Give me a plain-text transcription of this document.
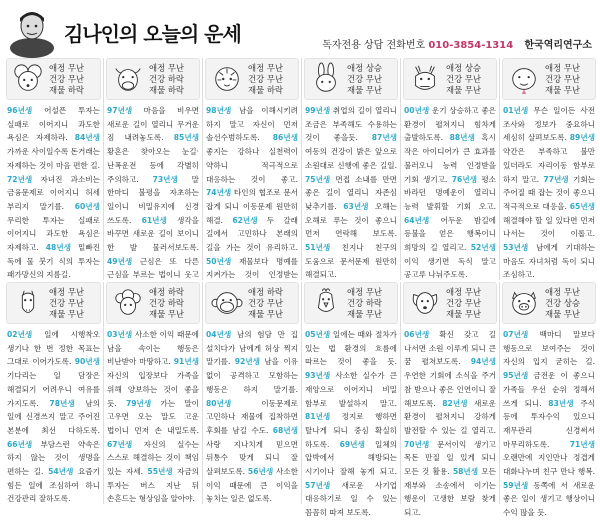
김나인의 오늘의 운세	독자전용 상담 전화번호 010-3854-1314 한국역리연구소
애정 무난
건강 무난
재물 하락
96년생 어설픈 투자는 실패로 이어지니 과도한 욕심은 자제하라. 84년생 가까운 사이일수록 돈거래는 자제하는 것이 마음 편한 길. 72년생 자녀진 과소비는 금융문제로 이어지니 허세 부리지 말기를. 60년생 무리한 투자는 실패로 이어지니 과도한 욕심은 자제하고. 48년생 밑빠진 독에 물 붓기 식의 투자는 패가망신의 지름길.
애정 무난
건강 하락
재물 하락
97년생 마음을 비우면 새로운 길이 열리니 무거운 짐 내려놓도록. 85년생 황혼은 찾아오는 눈길·난폭운전 등에 각별히 주의하고. 73년생 말 한마디 불평을 자초하는 일이니 비밀유지에 신경 쓰도록. 61년생 생각을 바꾸면 새로운 길이 보이니 한 발 물러서보도록. 49년생 근심은 또 다른 근심을 부르는 법이니 웃고
애정 무난
건강 무난
재물 하락
98년생 남을 이해시키려 하지 말고 자신이 먼저 솔선수범하도록. 86년생 좋지는 강하나 실천력이 약하니 적극적으로 대응하는 것이 좋고. 74년생 타인의 협조로 문서 잡게 되니 이동문제 원만히 해결. 62년생 두 갈래 길에서 고민하나 본래의 길을 가는 것이 유리하고. 50년생 재물보다 명예를 지켜가는 것이 인정받는
애정 상승
건강 무난
재물 무난
99년생 취업의 길이 열리니 조금은 부족해도 수용하는 것이 좋을듯. 87년생 여동의 건강이 밝은 앞으로 소원대로 신행에 좋은 길일. 75년생 면접 소내를 만면 좋은 길이 열리니 자존심 낮추기를. 63년생 오해는 오해로 푸는 것이 좋으니 먼저 연락해 보도록. 51년생 친지나 친구의 도움으로 문서문제 원만히 해결되고.
애정 상승
건강 무난
재물 무난
00년생 운기 상승하고 좋은 환경이 펼쳐지니 힘차게 출발하도록. 88년생 혹시 작은 아이디어가 큰 효과를 불러오니 능력 인정받을 기회 생기고. 76년생 평소 바라던 명예운이 열리니 능력 발휘할 기회 오고. 64년생 어두운 밤길에 등불을 얻은 행복이니 희망의 길 열리고. 52년생 이익 생기면 독식 말고 공고루 나눠주도록.
애정 무난
건강 무난
재물 무난
01년생 무슨 일이든 사전 조사와 정보가 중요하니 세심히 살펴보도록. 89년생 약간은 부족하고 불만 있더라도 자리이동 함부로 하지 말고. 77년생 기회는 주어질 때 잡는 것이 좋으니 적극적으로 대응을. 65년생 해결해야 할 일 있다면 먼저 나서는 것이 이롭고. 53년생 남에게 기대하는 마음도 자녀처럼 독이 되니 조심하고.
애정 무난
건강 무난
재물 무난
02년생 일에 시행착오 생기나 한 번 정한 목표는 그대로 이어가도록. 90년생 기다리는 일 담장은 해결되기 어려우니 여유를 가지도록. 78년생 남의 일에 신경쓰지 말고 주어진 본분에 최선 다하도록. 66년생 부담스런 약속은 하지 않는 것이 생명을 편하는 길. 54년생 요즘기 힘든 일에 조심하여 하니 건강관리 잘하도록.
애정 하락
건강 하락
재물 무난
03년생 사소한 이익 때문에 남을 속이는 행동은 비난받아 마땅하고. 91년생 자신의 입장보다 가족을 위해 양보하는 것이 좋을 듯. 79년생 가는 말이 고우면 오는 말도 고운 법이니 먼저 손 내밀도록. 67년생 자신의 실수는 스스로 해결하는 것이 책임 있는 자세. 55년생 자금의 투자는 버스 지난 뒤 손흔드는 형상임을 알아야.
애정 하락
건강 무난
재물 무난
04년생 남의 험담 만 집 설치다가 남에게 허상 찍지 말기를. 92년생 남을 이유 없이 공격하고 모함하는 행동은 하지 말기를. 80년생 이동문제로 고민하나 재물에 집착하면 후회를 남길 수도. 68년생 사랑 지나치게 믿으면 뒤통수 맞게 되니 잘 살펴보도록. 56년생 사소한 이익 때문에 큰 이익을 놓치는 일은 없도록.
애정 무난
건강 하락
재물 무난
05년생 일에는 때와 절차가 있는 법 환경의 흐름에 따르는 것이 좋을 듯. 93년생 사소한 실수가 큰 재앙으로 이어지니 비밀 함부로 발설하지 말고. 81년생 정지로 행하면 탈나게 되니 중심 확실히 하도록. 69년생 일체의 압박에서 해방되는 시기이나 잘해 놓게 되고. 57년생 새로운 사기업 대응하기로 일 수 있는 꼼꼼히 따져 보도록.
애정 무난
건강 무난
재물 무난
06년생 확신 갖고 길 나서면 소원 이루게 되니 큰 꿈 펼쳐보도록. 94년생 우연한 기회에 소식을 주거 참 받으나 좋은 인연이니 잘 해보도록. 82년생 새로운 환경이 펼쳐지니 강하게 발전할 수 있는 길 열리고. 70년생 문서이익 생기고 목돈 만질 일 있게 되니 모든 것 활용. 58년생 모든 재부와 소송에서 이기는 행운이 고생한 보람 찾게 되고.
애정 무난
건강 상승
재물 무난
07년생 백마디 말보다 행동으로 보여주는 것이 자신의 입지 굳히는 길. 95년생 금전운 이 좋으니 가족들 우선 순위 정해서 쓰게 되니. 83년생 주식 등에 투자수익 있으니 재무관리 신경써서 마무리하도록. 71년생 오랜만에 지인만나 정겹게 대화나누며 친구 만나 행복. 59년생 동쪽에 서 새로운 좋은 일이 생기고 행상이니 수익 많을 듯.
